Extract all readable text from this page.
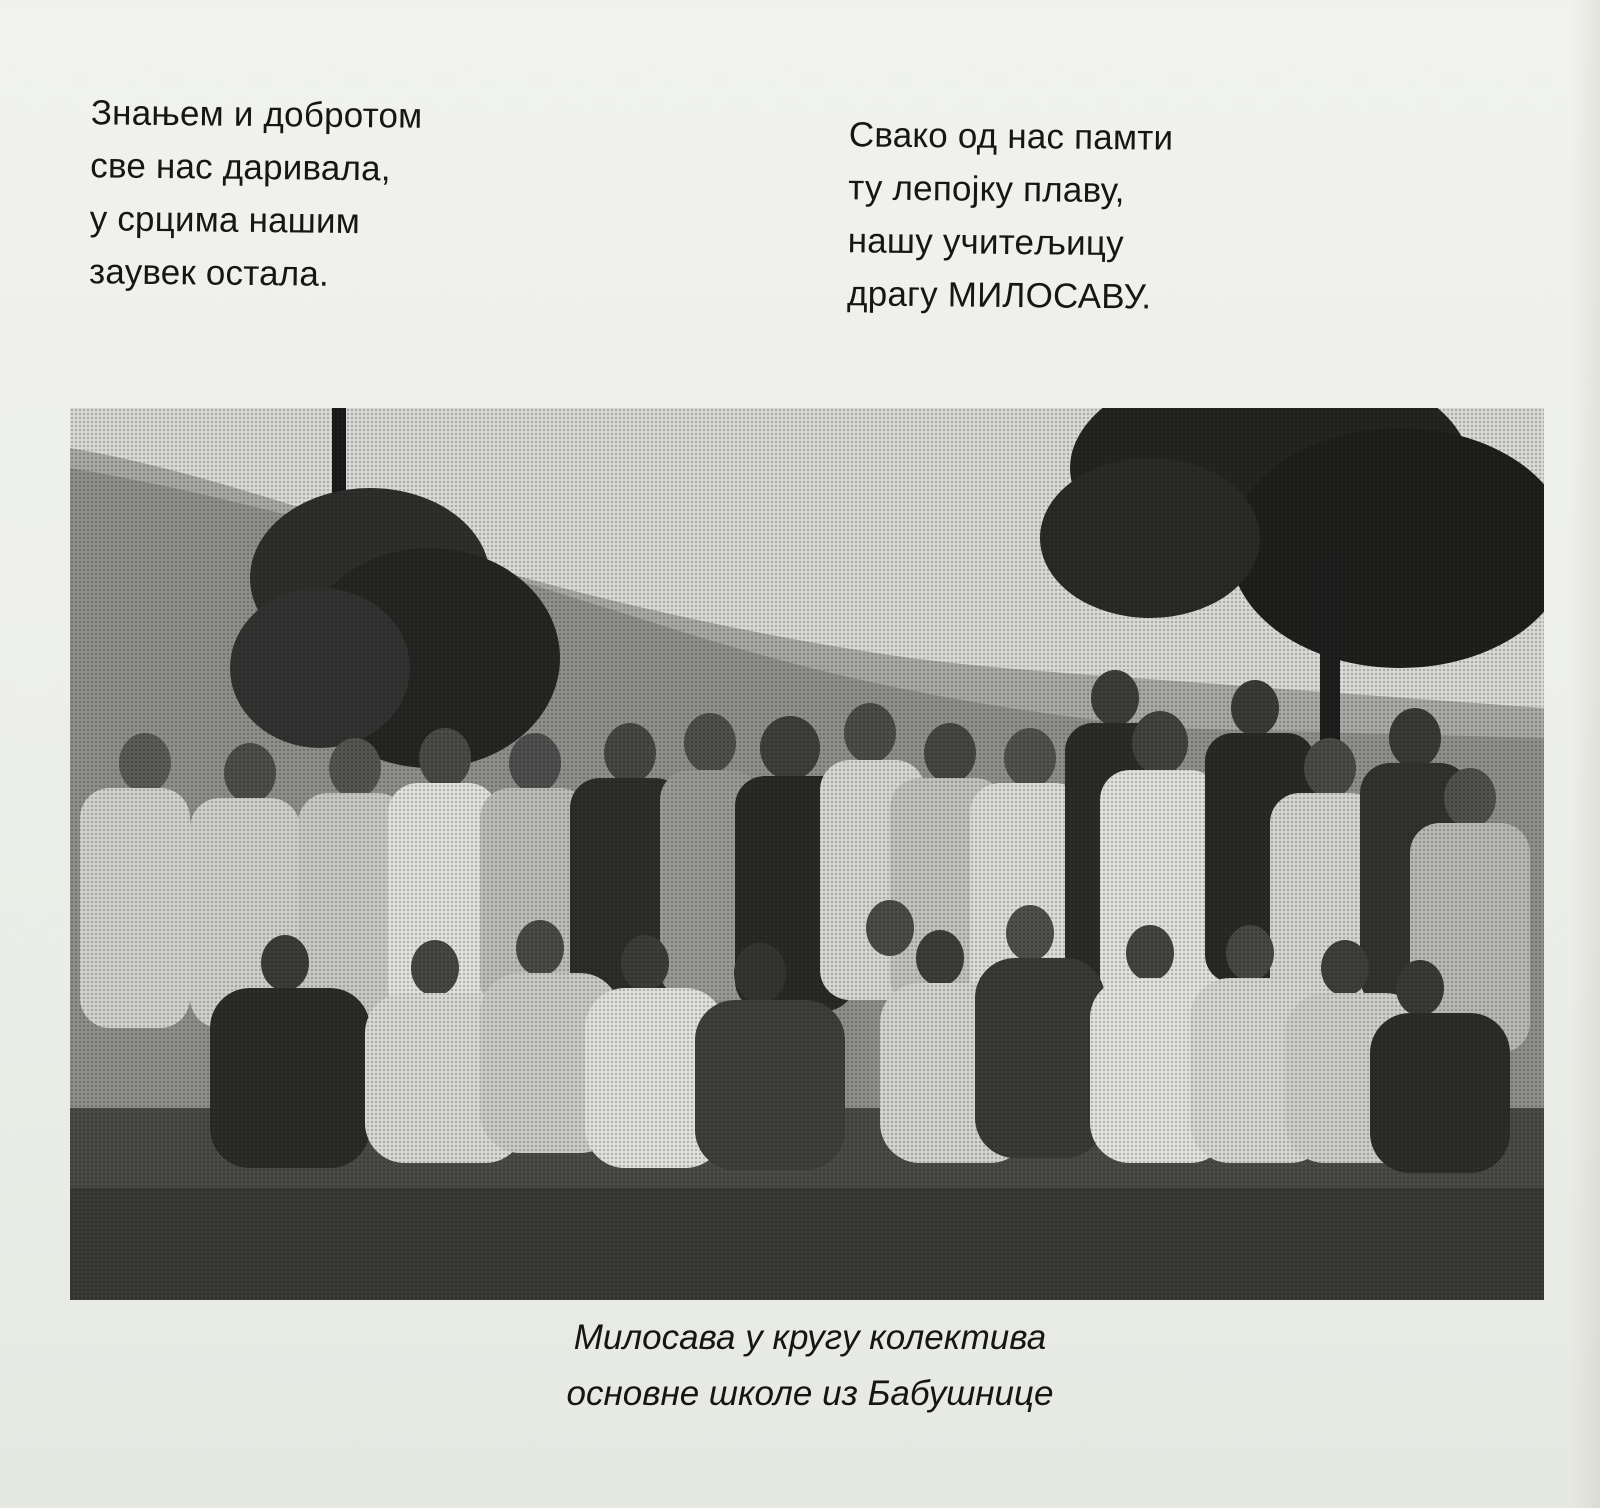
Знањем и добротом
све нас даривала,
у срцима нашим
заувек остала.
Свако од нас памти
ту лепојку плаву,
нашу учитељицу
драгу МИЛОСАВУ.
Милосава у кругу колектива
основне школе из Бабушнице
